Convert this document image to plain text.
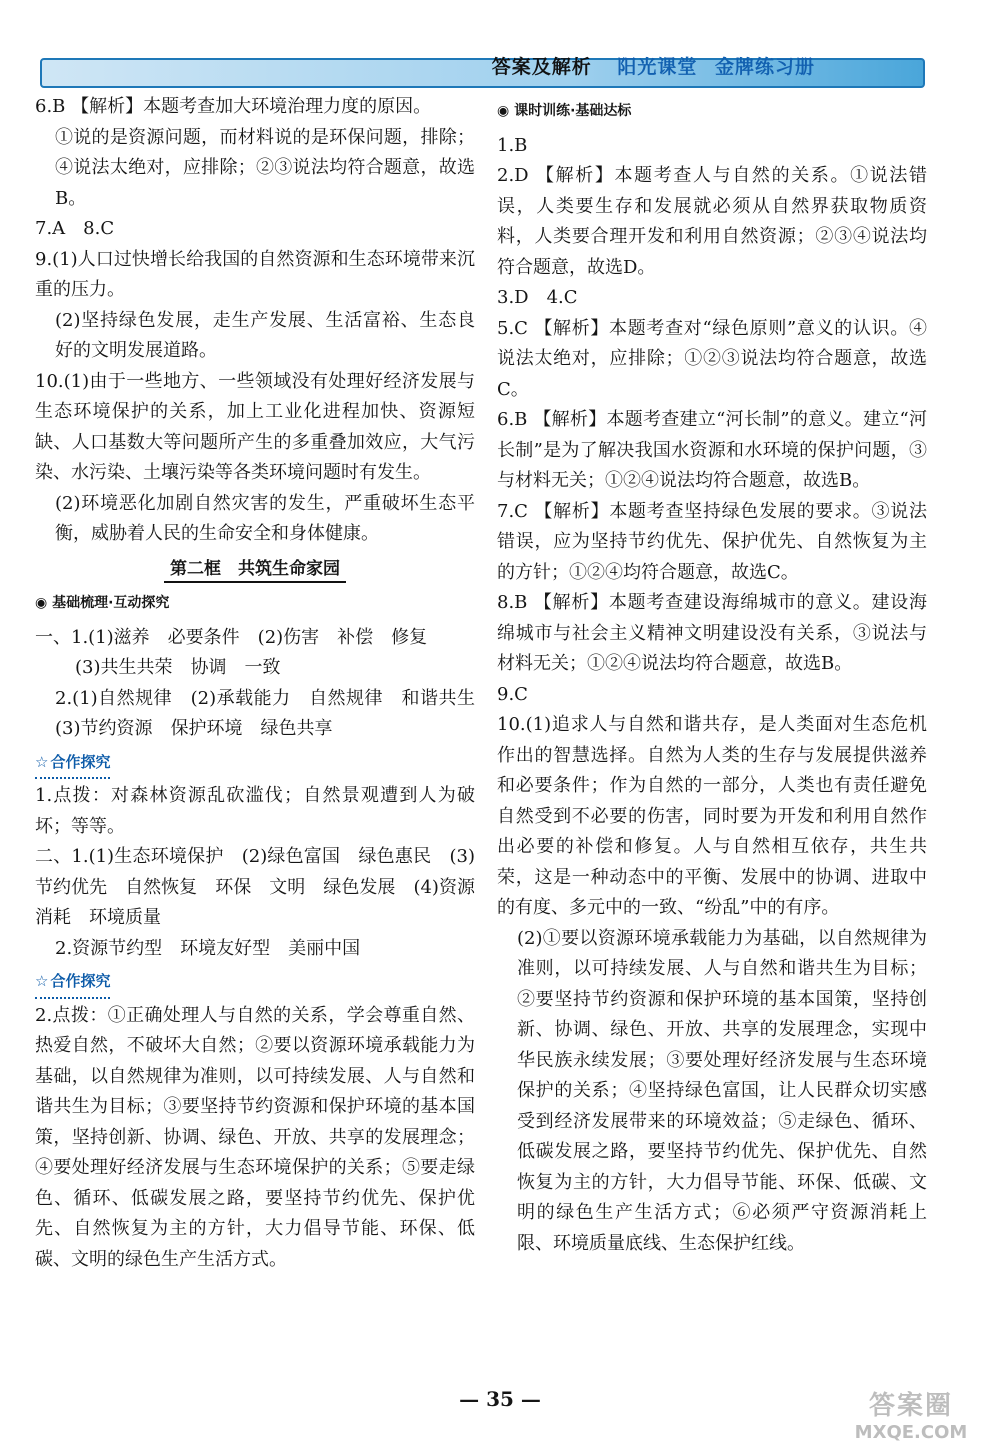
答案及解析 阳光课堂 金牌练习册

6.B 【解析】本题考查加大环境治理力度的原因。

①说的是资源问题，而材料说的是环保问题，排除；④说法太绝对，应排除；②③说法均符合题意，故选B。

7.A　8.C

9.(1)人口过快增长给我国的自然资源和生态环境带来沉重的压力。

(2)坚持绿色发展，走生产发展、生活富裕、生态良好的文明发展道路。

10.(1)由于一些地方、一些领域没有处理好经济发展与生态环境保护的关系，加上工业化进程加快、资源短缺、人口基数大等问题所产生的多重叠加效应，大气污染、水污染、土壤污染等各类环境问题时有发生。

(2)环境恶化加剧自然灾害的发生，严重破坏生态平衡，威胁着人民的生命安全和身体健康。

第二框　共筑生命家园
◉ 基础梳理·互动探究

一、1.(1)滋养　必要条件　(2)伤害　补偿　修复

(3)共生共荣　协调　一致

2.(1)自然规律　(2)承载能力　自然规律　和谐共生　(3)节约资源　保护环境　绿色共享

☆ 合作探究

1.点拨：对森林资源乱砍滥伐；自然景观遭到人为破坏；等等。

二、1.(1)生态环境保护　(2)绿色富国　绿色惠民　(3)节约优先　自然恢复　环保　文明　绿色发展　(4)资源消耗　环境质量

2.资源节约型　环境友好型　美丽中国

☆ 合作探究

2.点拨：①正确处理人与自然的关系，学会尊重自然、热爱自然，不破坏大自然；②要以资源环境承载能力为基础，以自然规律为准则，以可持续发展、人与自然和谐共生为目标；③要坚持节约资源和保护环境的基本国策，坚持创新、协调、绿色、开放、共享的发展理念；④要处理好经济发展与生态环境保护的关系；⑤要走绿色、循环、低碳发展之路，要坚持节约优先、保护优先、自然恢复为主的方针，大力倡导节能、环保、低碳、文明的绿色生产生活方式。

◉ 课时训练·基础达标

1.B

2.D 【解析】本题考查人与自然的关系。①说法错误，人类要生存和发展就必须从自然界获取物质资料，人类要合理开发和利用自然资源；②③④说法均符合题意，故选D。

3.D　4.C

5.C 【解析】本题考查对“绿色原则”意义的认识。④说法太绝对，应排除；①②③说法均符合题意，故选C。

6.B 【解析】本题考查建立“河长制”的意义。建立“河长制”是为了解决我国水资源和水环境的保护问题，③与材料无关；①②④说法均符合题意，故选B。

7.C 【解析】本题考查坚持绿色发展的要求。③说法错误，应为坚持节约优先、保护优先、自然恢复为主的方针；①②④均符合题意，故选C。

8.B 【解析】本题考查建设海绵城市的意义。建设海绵城市与社会主义精神文明建设没有关系，③说法与材料无关；①②④说法均符合题意，故选B。

9.C

10.(1)追求人与自然和谐共存，是人类面对生态危机作出的智慧选择。自然为人类的生存与发展提供滋养和必要条件；作为自然的一部分，人类也有责任避免自然受到不必要的伤害，同时要为开发和利用自然作出必要的补偿和修复。人与自然相互依存，共生共荣，这是一种动态中的平衡、发展中的协调、进取中的有度、多元中的一致、“纷乱”中的有序。

(2)①要以资源环境承载能力为基础，以自然规律为准则，以可持续发展、人与自然和谐共生为目标；②要坚持节约资源和保护环境的基本国策，坚持创新、协调、绿色、开放、共享的发展理念，实现中华民族永续发展；③要处理好经济发展与生态环境保护的关系；④坚持绿色富国，让人民群众切实感受到经济发展带来的环境效益；⑤走绿色、循环、低碳发展之路，要坚持节约优先、保护优先、自然恢复为主的方针，大力倡导节能、环保、低碳、文明的绿色生产生活方式；⑥必须严守资源消耗上限、环境质量底线、生态保护红线。

— 35 —	答案圈
MXQE.COM
